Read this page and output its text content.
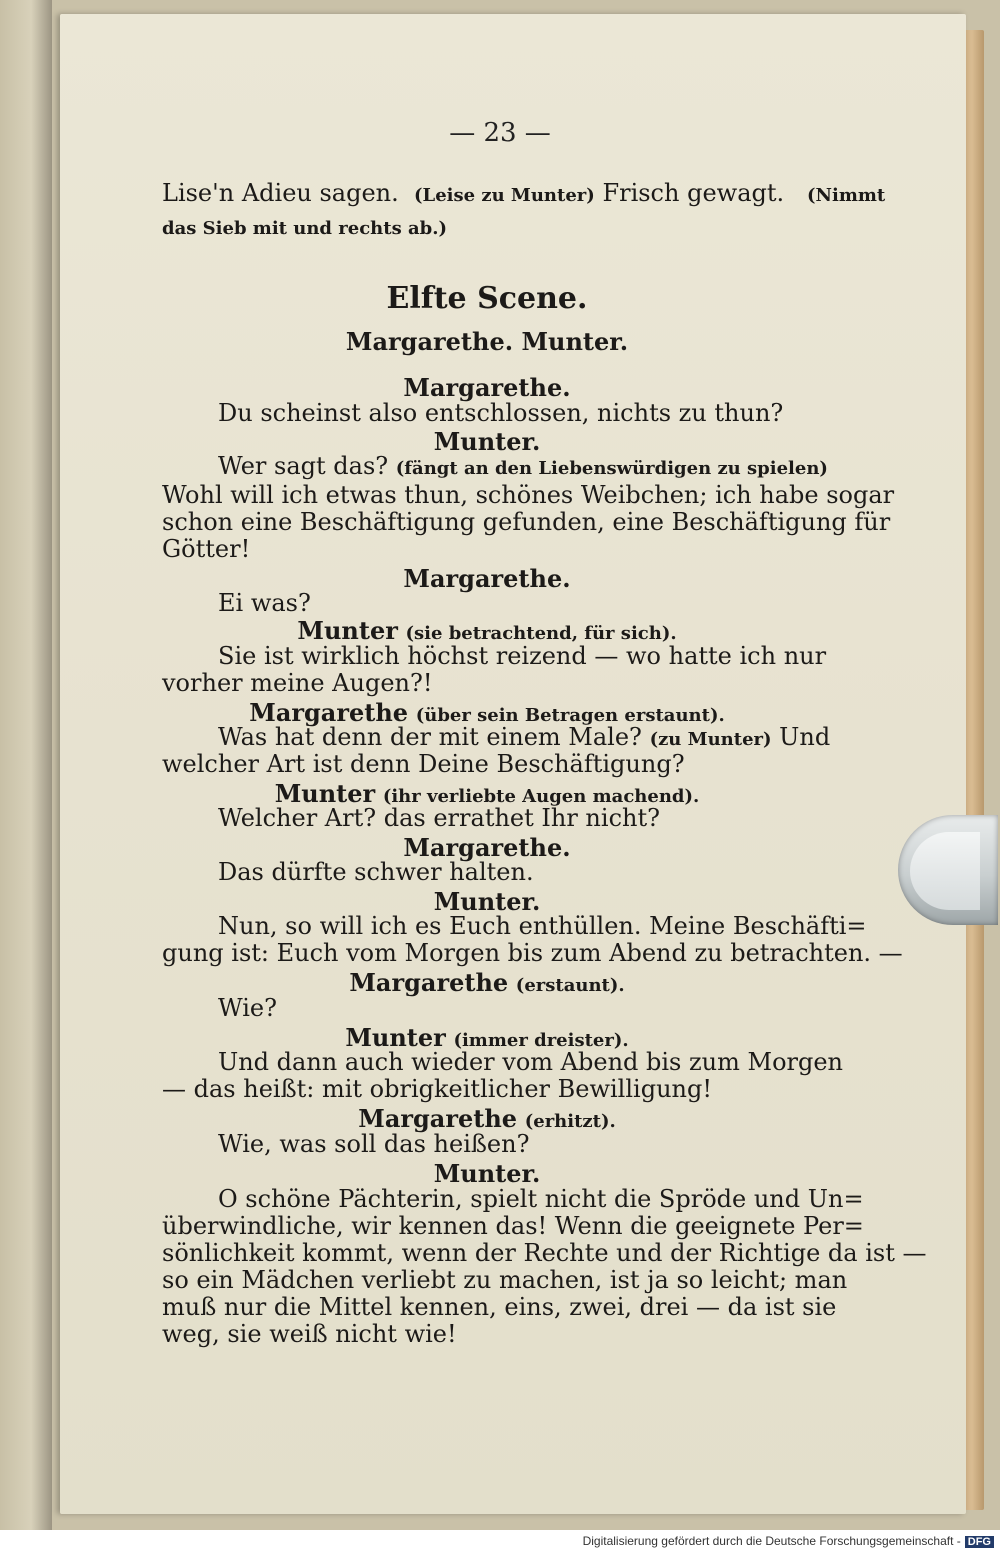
— 23 —
Lise'n Adieu sagen. (Leise zu Munter) Frisch gewagt. (Nimmt
das Sieb mit und rechts ab.)
Elfte Scene.
Margarethe. Munter.
Margarethe.
Du scheinst also entschlossen, nichts zu thun?
Munter.
Wer sagt das? (fängt an den Liebenswürdigen zu spielen)
Wohl will ich etwas thun, schönes Weibchen; ich habe sogar
schon eine Beschäftigung gefunden, eine Beschäftigung für
Götter!
Margarethe.
Ei was?
Munter (sie betrachtend, für sich).
Sie ist wirklich höchst reizend — wo hatte ich nur
vorher meine Augen?!
Margarethe (über sein Betragen erstaunt).
Was hat denn der mit einem Male? (zu Munter) Und
welcher Art ist denn Deine Beschäftigung?
Munter (ihr verliebte Augen machend).
Welcher Art? das errathet Ihr nicht?
Margarethe.
Das dürfte schwer halten.
Munter.
Nun, so will ich es Euch enthüllen. Meine Beschäfti=
gung ist: Euch vom Morgen bis zum Abend zu betrachten. —
Margarethe (erstaunt).
Wie?
Munter (immer dreister).
Und dann auch wieder vom Abend bis zum Morgen
— das heißt: mit obrigkeitlicher Bewilligung!
Margarethe (erhitzt).
Wie, was soll das heißen?
Munter.
O schöne Pächterin, spielt nicht die Spröde und Un=
überwindliche, wir kennen das! Wenn die geeignete Per=
sönlichkeit kommt, wenn der Rechte und der Richtige da ist —
so ein Mädchen verliebt zu machen, ist ja so leicht; man
muß nur die Mittel kennen, eins, zwei, drei — da ist sie
weg, sie weiß nicht wie!
Digitalisierung gefördert durch die Deutsche Forschungsgemeinschaft - DFG
